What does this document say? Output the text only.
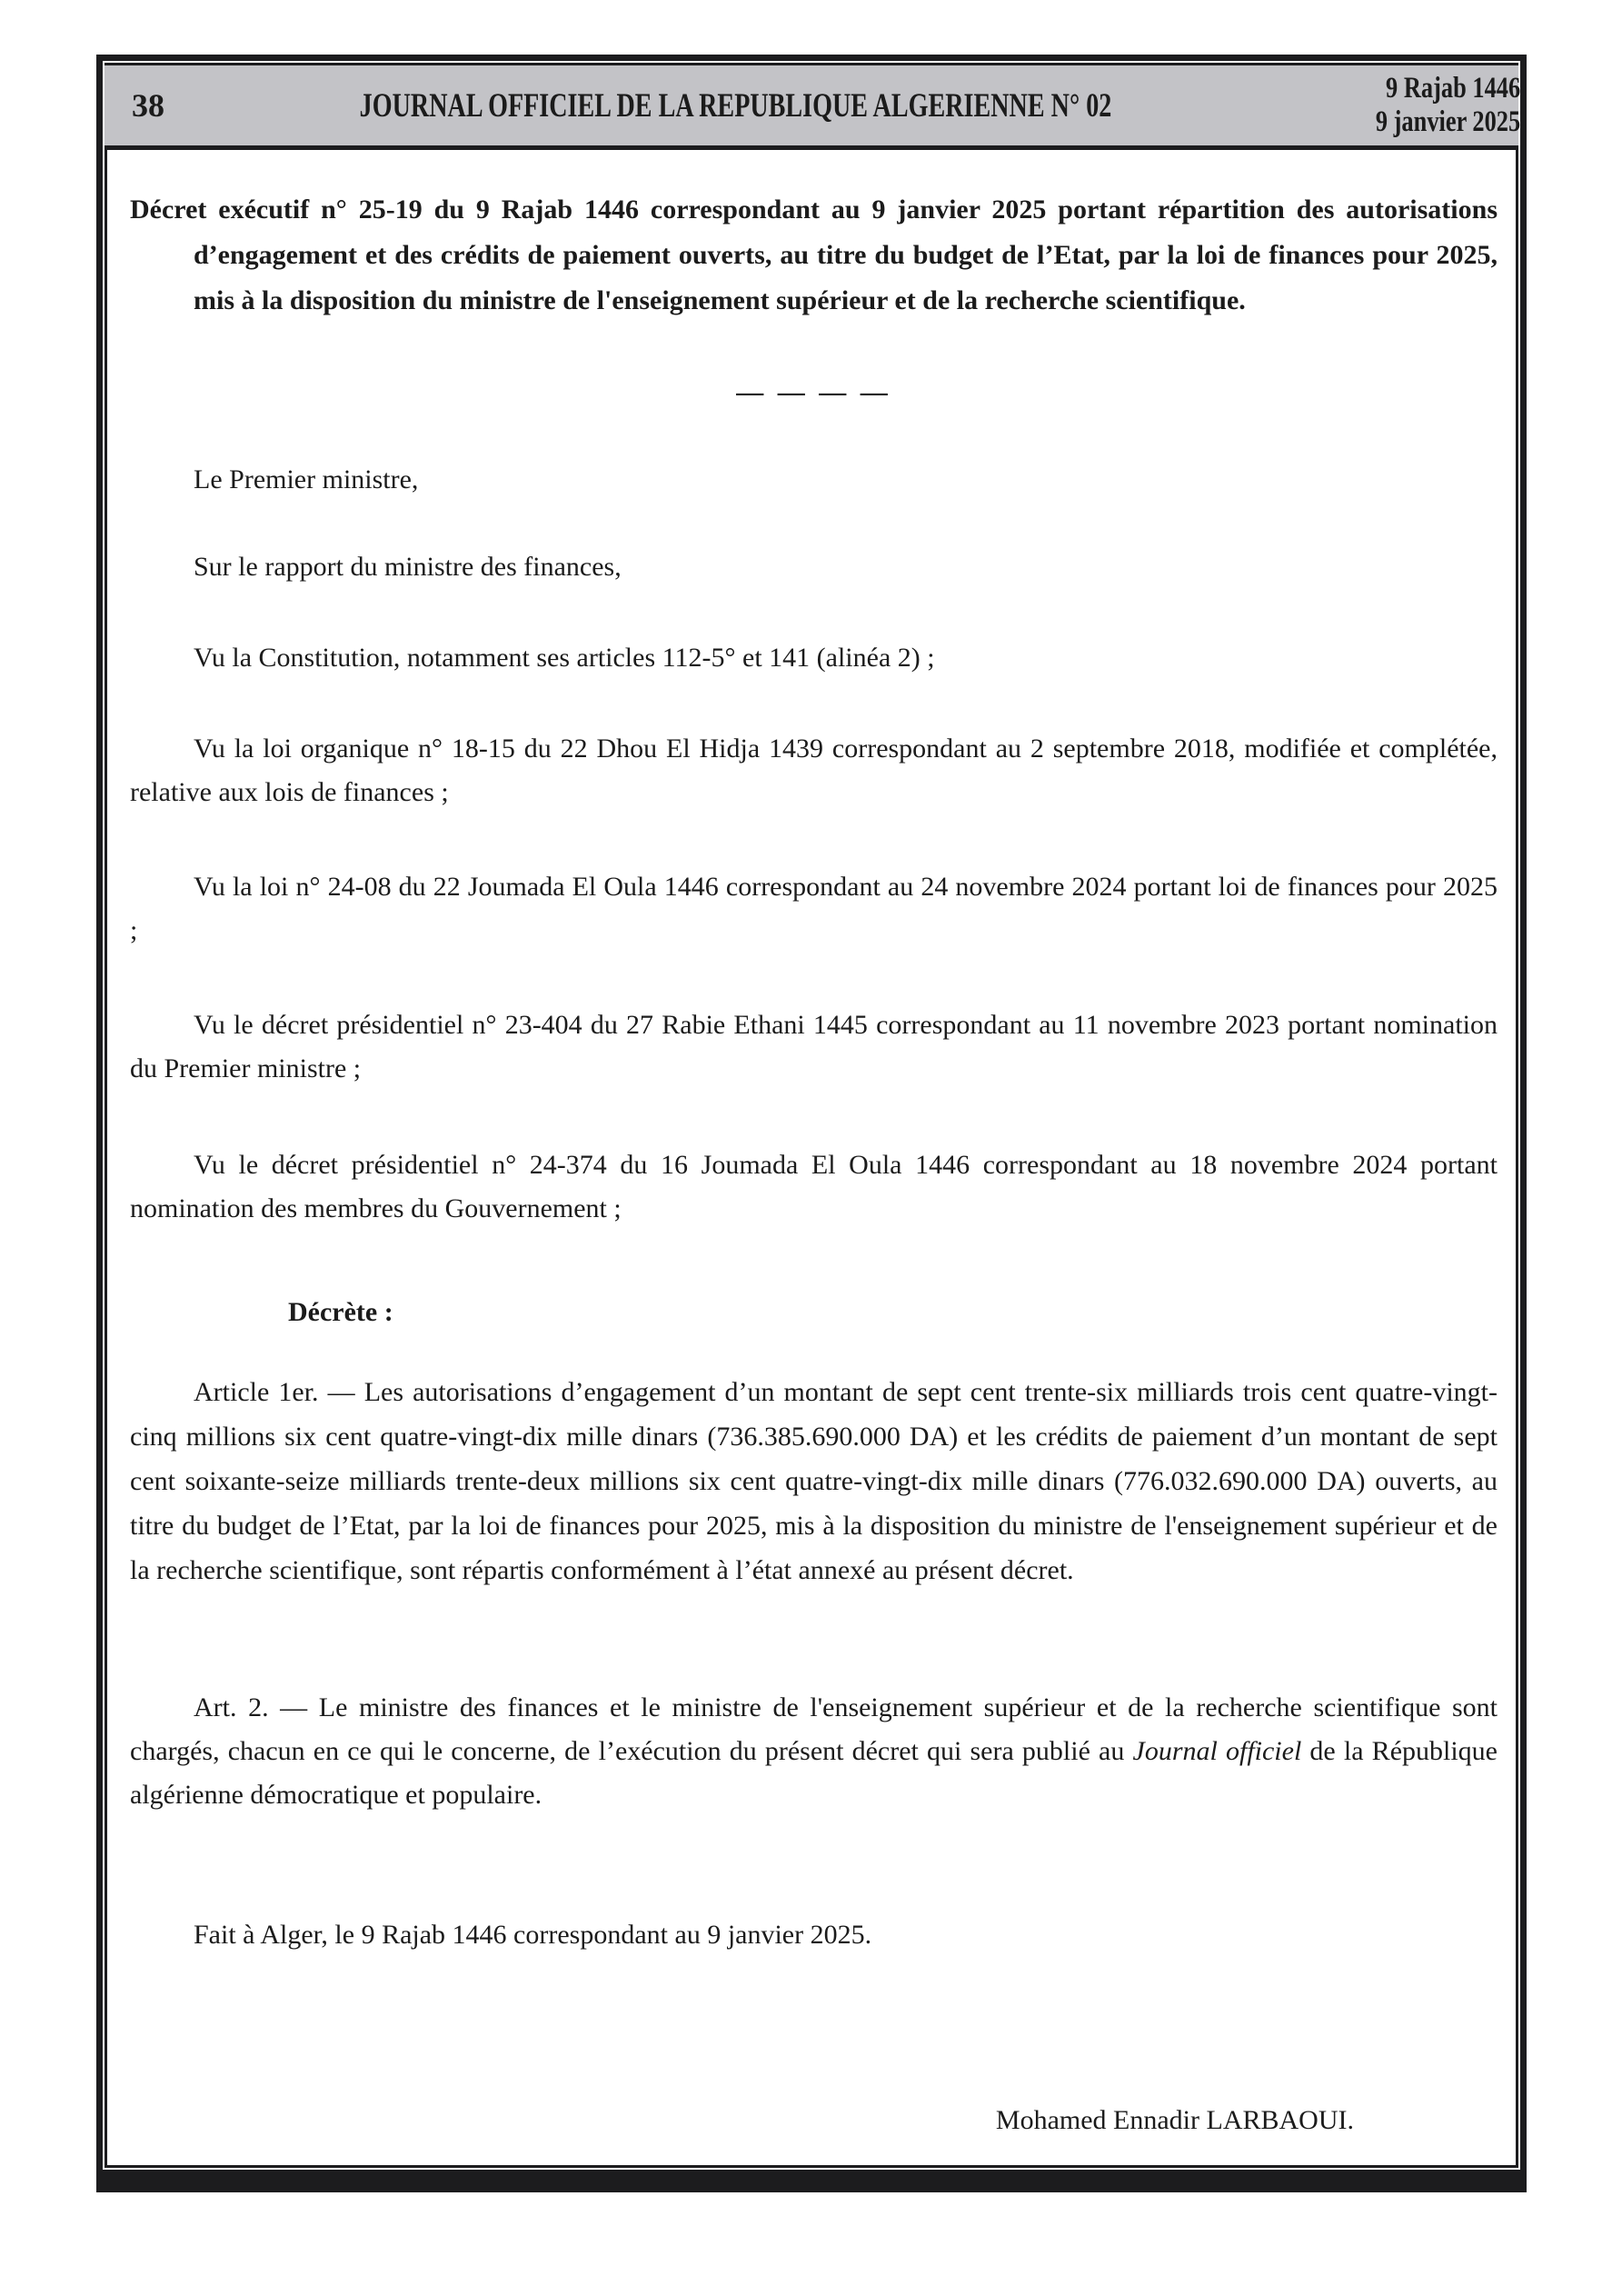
38	JOURNAL OFFICIEL DE LA REPUBLIQUE ALGERIENNE N° 02	9 Rajab 1446
9 janvier 2025

Décret exécutif n° 25-19 du 9 Rajab 1446 correspondant au 9 janvier 2025 portant répartition des autorisations d’engagement et des crédits de paiement ouverts, au titre du budget de l’Etat, par la loi de finances pour 2025, mis à la disposition du ministre de l'enseignement supérieur et de la recherche scientifique.

— — — —

Le Premier ministre,

Sur le rapport du ministre des finances,

Vu la Constitution, notamment ses articles 112-5° et 141 (alinéa 2) ;

Vu la loi organique n° 18-15 du 22 Dhou El Hidja 1439 correspondant au 2 septembre 2018, modifiée et complétée, relative aux lois de finances ;

Vu la loi n° 24-08 du 22 Joumada El Oula 1446 correspondant au 24 novembre 2024 portant loi de finances pour 2025 ;

Vu le décret présidentiel n° 23-404 du 27 Rabie Ethani 1445 correspondant au 11 novembre 2023 portant nomination du Premier ministre ;

Vu le décret présidentiel n° 24-374 du 16 Joumada El Oula 1446 correspondant au 18 novembre 2024 portant nomination des membres du Gouvernement ;

Décrète :

Article 1er. — Les autorisations d’engagement d’un montant de sept cent trente-six milliards trois cent quatre-vingt-cinq millions six cent quatre-vingt-dix mille dinars (736.385.690.000 DA) et les crédits de paiement d’un montant de sept cent soixante-seize milliards trente-deux millions six cent quatre-vingt-dix mille dinars (776.032.690.000 DA) ouverts, au titre du budget de l’Etat, par la loi de finances pour 2025, mis à la disposition du ministre de l'enseignement supérieur et de la recherche scientifique, sont répartis conformément à l’état annexé au présent décret.

Art. 2. — Le ministre des finances et le ministre de l'enseignement supérieur et de la recherche scientifique sont chargés, chacun en ce qui le concerne, de l’exécution du présent décret qui sera publié au Journal officiel de la République algérienne démocratique et populaire.

Fait à Alger, le 9 Rajab 1446 correspondant au 9 janvier 2025.

Mohamed Ennadir LARBAOUI.
